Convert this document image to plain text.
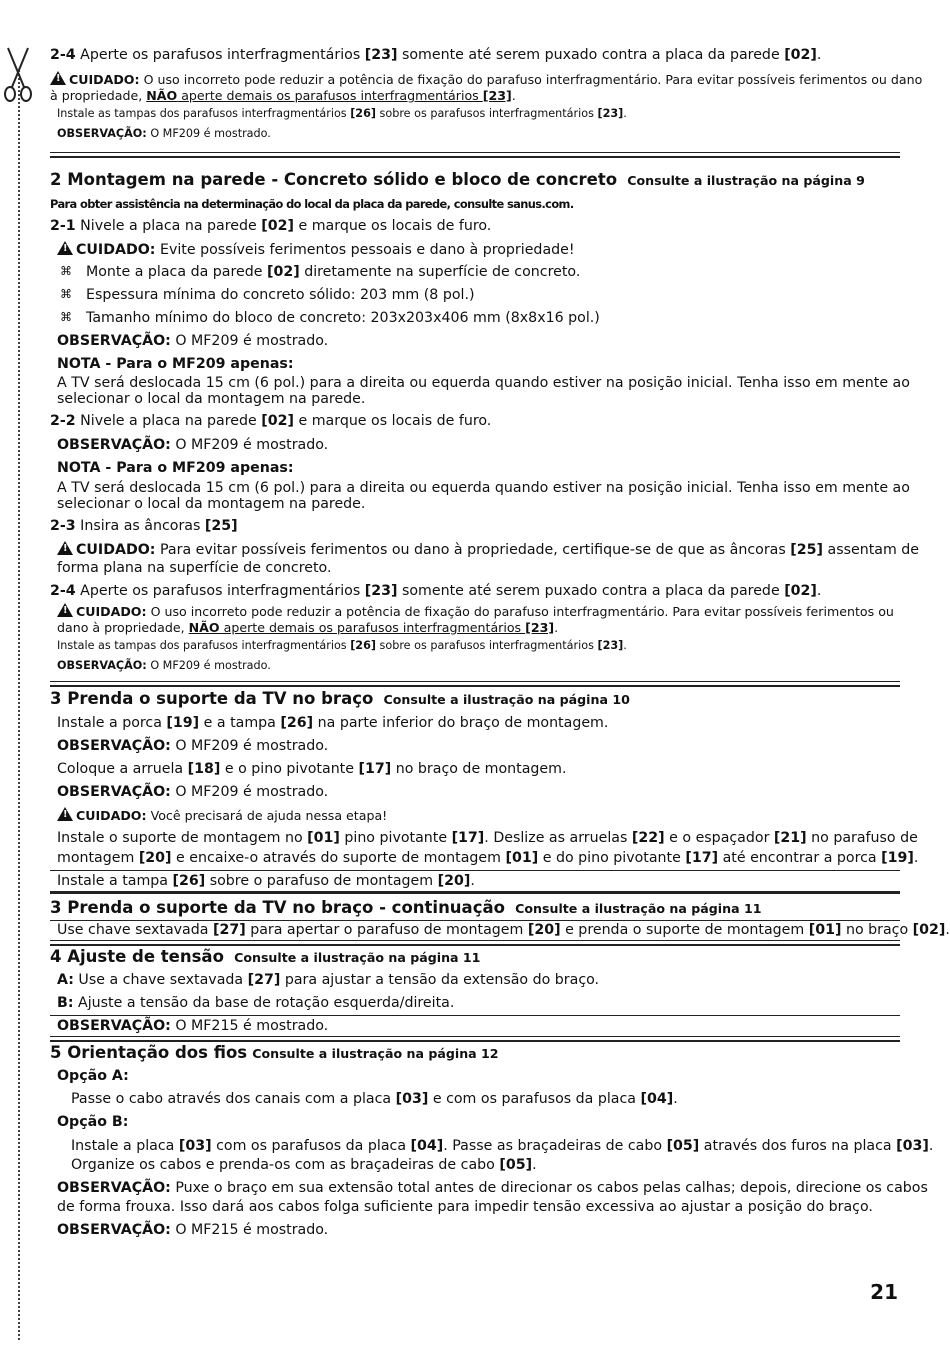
2-4 Aperte os parafusos interfragmentários [23] somente até serem puxado contra a placa da parede [02].
!CUIDADO: O uso incorreto pode reduzir a potência de fixação do parafuso interfragmentário. Para evitar possíveis ferimentos ou dano
à propriedade, NÃO aperte demais os parafusos interfragmentários [23].
Instale as tampas dos parafusos interfragmentários [26] sobre os parafusos interfragmentários [23].
OBSERVAÇÃO: O MF209 é mostrado.
2 Montagem na parede - Concreto sólido e bloco de concreto Consulte a ilustração na página 9
Para obter assistência na determinação do local da placa da parede, consulte sanus.com.
2-1 Nivele a placa na parede [02] e marque os locais de furo.
!CUIDADO: Evite possíveis ferimentos pessoais e dano à propriedade!
⌘ Monte a placa da parede [02] diretamente na superfície de concreto.
⌘ Espessura mínima do concreto sólido: 203 mm (8 pol.)
⌘ Tamanho mínimo do bloco de concreto: 203x203x406 mm (8x8x16 pol.)
OBSERVAÇÃO: O MF209 é mostrado.
NOTA - Para o MF209 apenas:
A TV será deslocada 15 cm (6 pol.) para a direita ou equerda quando estiver na posição inicial. Tenha isso em mente ao
selecionar o local da montagem na parede.
2-2 Nivele a placa na parede [02] e marque os locais de furo.
OBSERVAÇÃO: O MF209 é mostrado.
NOTA - Para o MF209 apenas:
A TV será deslocada 15 cm (6 pol.) para a direita ou equerda quando estiver na posição inicial. Tenha isso em mente ao
selecionar o local da montagem na parede.
2-3 Insira as âncoras [25]
!CUIDADO: Para evitar possíveis ferimentos ou dano à propriedade, certifique-se de que as âncoras [25] assentam de
forma plana na superfície de concreto.
2-4 Aperte os parafusos interfragmentários [23] somente até serem puxado contra a placa da parede [02].
!CUIDADO: O uso incorreto pode reduzir a potência de fixação do parafuso interfragmentário. Para evitar possíveis ferimentos ou
dano à propriedade, NÃO aperte demais os parafusos interfragmentários [23].
Instale as tampas dos parafusos interfragmentários [26] sobre os parafusos interfragmentários [23].
OBSERVAÇÃO: O MF209 é mostrado.
3 Prenda o suporte da TV no braço Consulte a ilustração na página 10
Instale a porca [19] e a tampa [26] na parte inferior do braço de montagem.
OBSERVAÇÃO: O MF209 é mostrado.
Coloque a arruela [18] e o pino pivotante [17] no braço de montagem.
OBSERVAÇÃO: O MF209 é mostrado.
!CUIDADO: Você precisará de ajuda nessa etapa!
Instale o suporte de montagem no [01] pino pivotante [17]. Deslize as arruelas [22] e o espaçador [21] no parafuso de
montagem [20] e encaixe-o através do suporte de montagem [01] e do pino pivotante [17] até encontrar a porca [19].
Instale a tampa [26] sobre o parafuso de montagem [20].
3 Prenda o suporte da TV no braço - continuação Consulte a ilustração na página 11
Use chave sextavada [27] para apertar o parafuso de montagem [20] e prenda o suporte de montagem [01] no braço [02].
4 Ajuste de tensão Consulte a ilustração na página 11
A: Use a chave sextavada [27] para ajustar a tensão da extensão do braço.
B: Ajuste a tensão da base de rotação esquerda/direita.
OBSERVAÇÃO: O MF215 é mostrado.
5 Orientação dos fios Consulte a ilustração na página 12
Opção A:
Passe o cabo através dos canais com a placa [03] e com os parafusos da placa [04].
Opção B:
Instale a placa [03] com os parafusos da placa [04]. Passe as braçadeiras de cabo [05] através dos furos na placa [03].
Organize os cabos e prenda-os com as braçadeiras de cabo [05].
OBSERVAÇÃO: Puxe o braço em sua extensão total antes de direcionar os cabos pelas calhas; depois, direcione os cabos
de forma frouxa. Isso dará aos cabos folga suficiente para impedir tensão excessiva ao ajustar a posição do braço.
OBSERVAÇÃO: O MF215 é mostrado.
21
